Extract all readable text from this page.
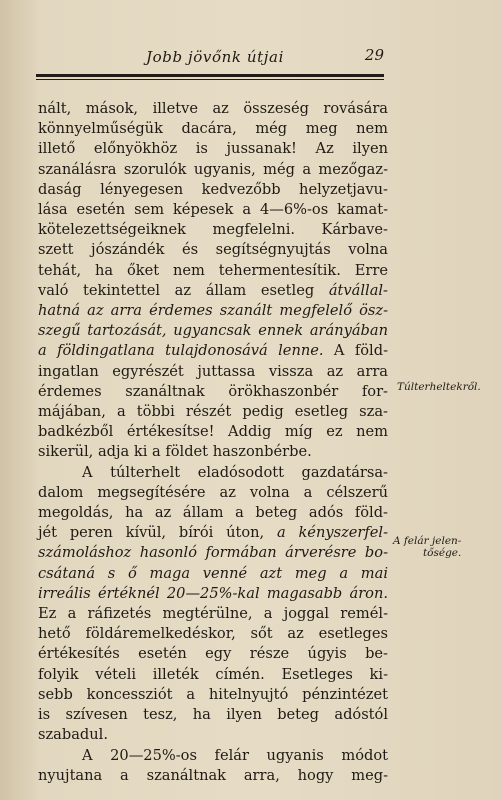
Jobb jövőnk útjai	29
nált, mások, illetve az összeség rovására
könnyelműségük dacára, még meg nem
illető előnyökhöz is jussanak! Az ilyen
szanálásra szorulók ugyanis, még a mezőgaz-
daság lényegesen kedvezőbb helyzetjavu-
lása esetén sem képesek a 4—6%-os kamat-
kötelezettségeiknek megfelelni. Kárbave-
szett jószándék és segítségnyujtás volna
tehát, ha őket nem tehermentesítik. Erre
való tekintettel az állam esetleg átvállal-
hatná az arra érdemes szanált megfelelő ösz-
szegű tartozását, ugyancsak ennek arányában
a földingatlana tulajdonosává lenne. A föld-
ingatlan egyrészét juttassa vissza az arra
érdemes szanáltnak örökhaszonbér for-
májában, a többi részét pedig esetleg sza-
badkézből értékesítse! Addig míg ez nem
sikerül, adja ki a földet haszonbérbe.
A túlterhelt eladósodott gazdatársa-
dalom megsegítésére az volna a célszerű
megoldás, ha az állam a beteg adós föld-
jét peren kívül, bírói úton, a kényszerfel-
számoláshoz hasonló formában árverésre bo-
csátaná s ő maga venné azt meg a mai
irreális értéknél 20—25%-kal magasabb áron.
Ez a ráfizetés megtérülne, a joggal remél-
hető földáremelkedéskor, sőt az esetleges
értékesítés esetén egy része úgyis be-
folyik vételi illeték címén. Esetleges ki-
sebb koncessziót a hitelnyujtó pénzintézet
is szívesen tesz, ha ilyen beteg adóstól
szabadul.
A 20—25%-os felár ugyanis módot
nyujtana a szanáltnak arra, hogy meg-
Túlterheltekről.
A felár jelen-
tősége.
